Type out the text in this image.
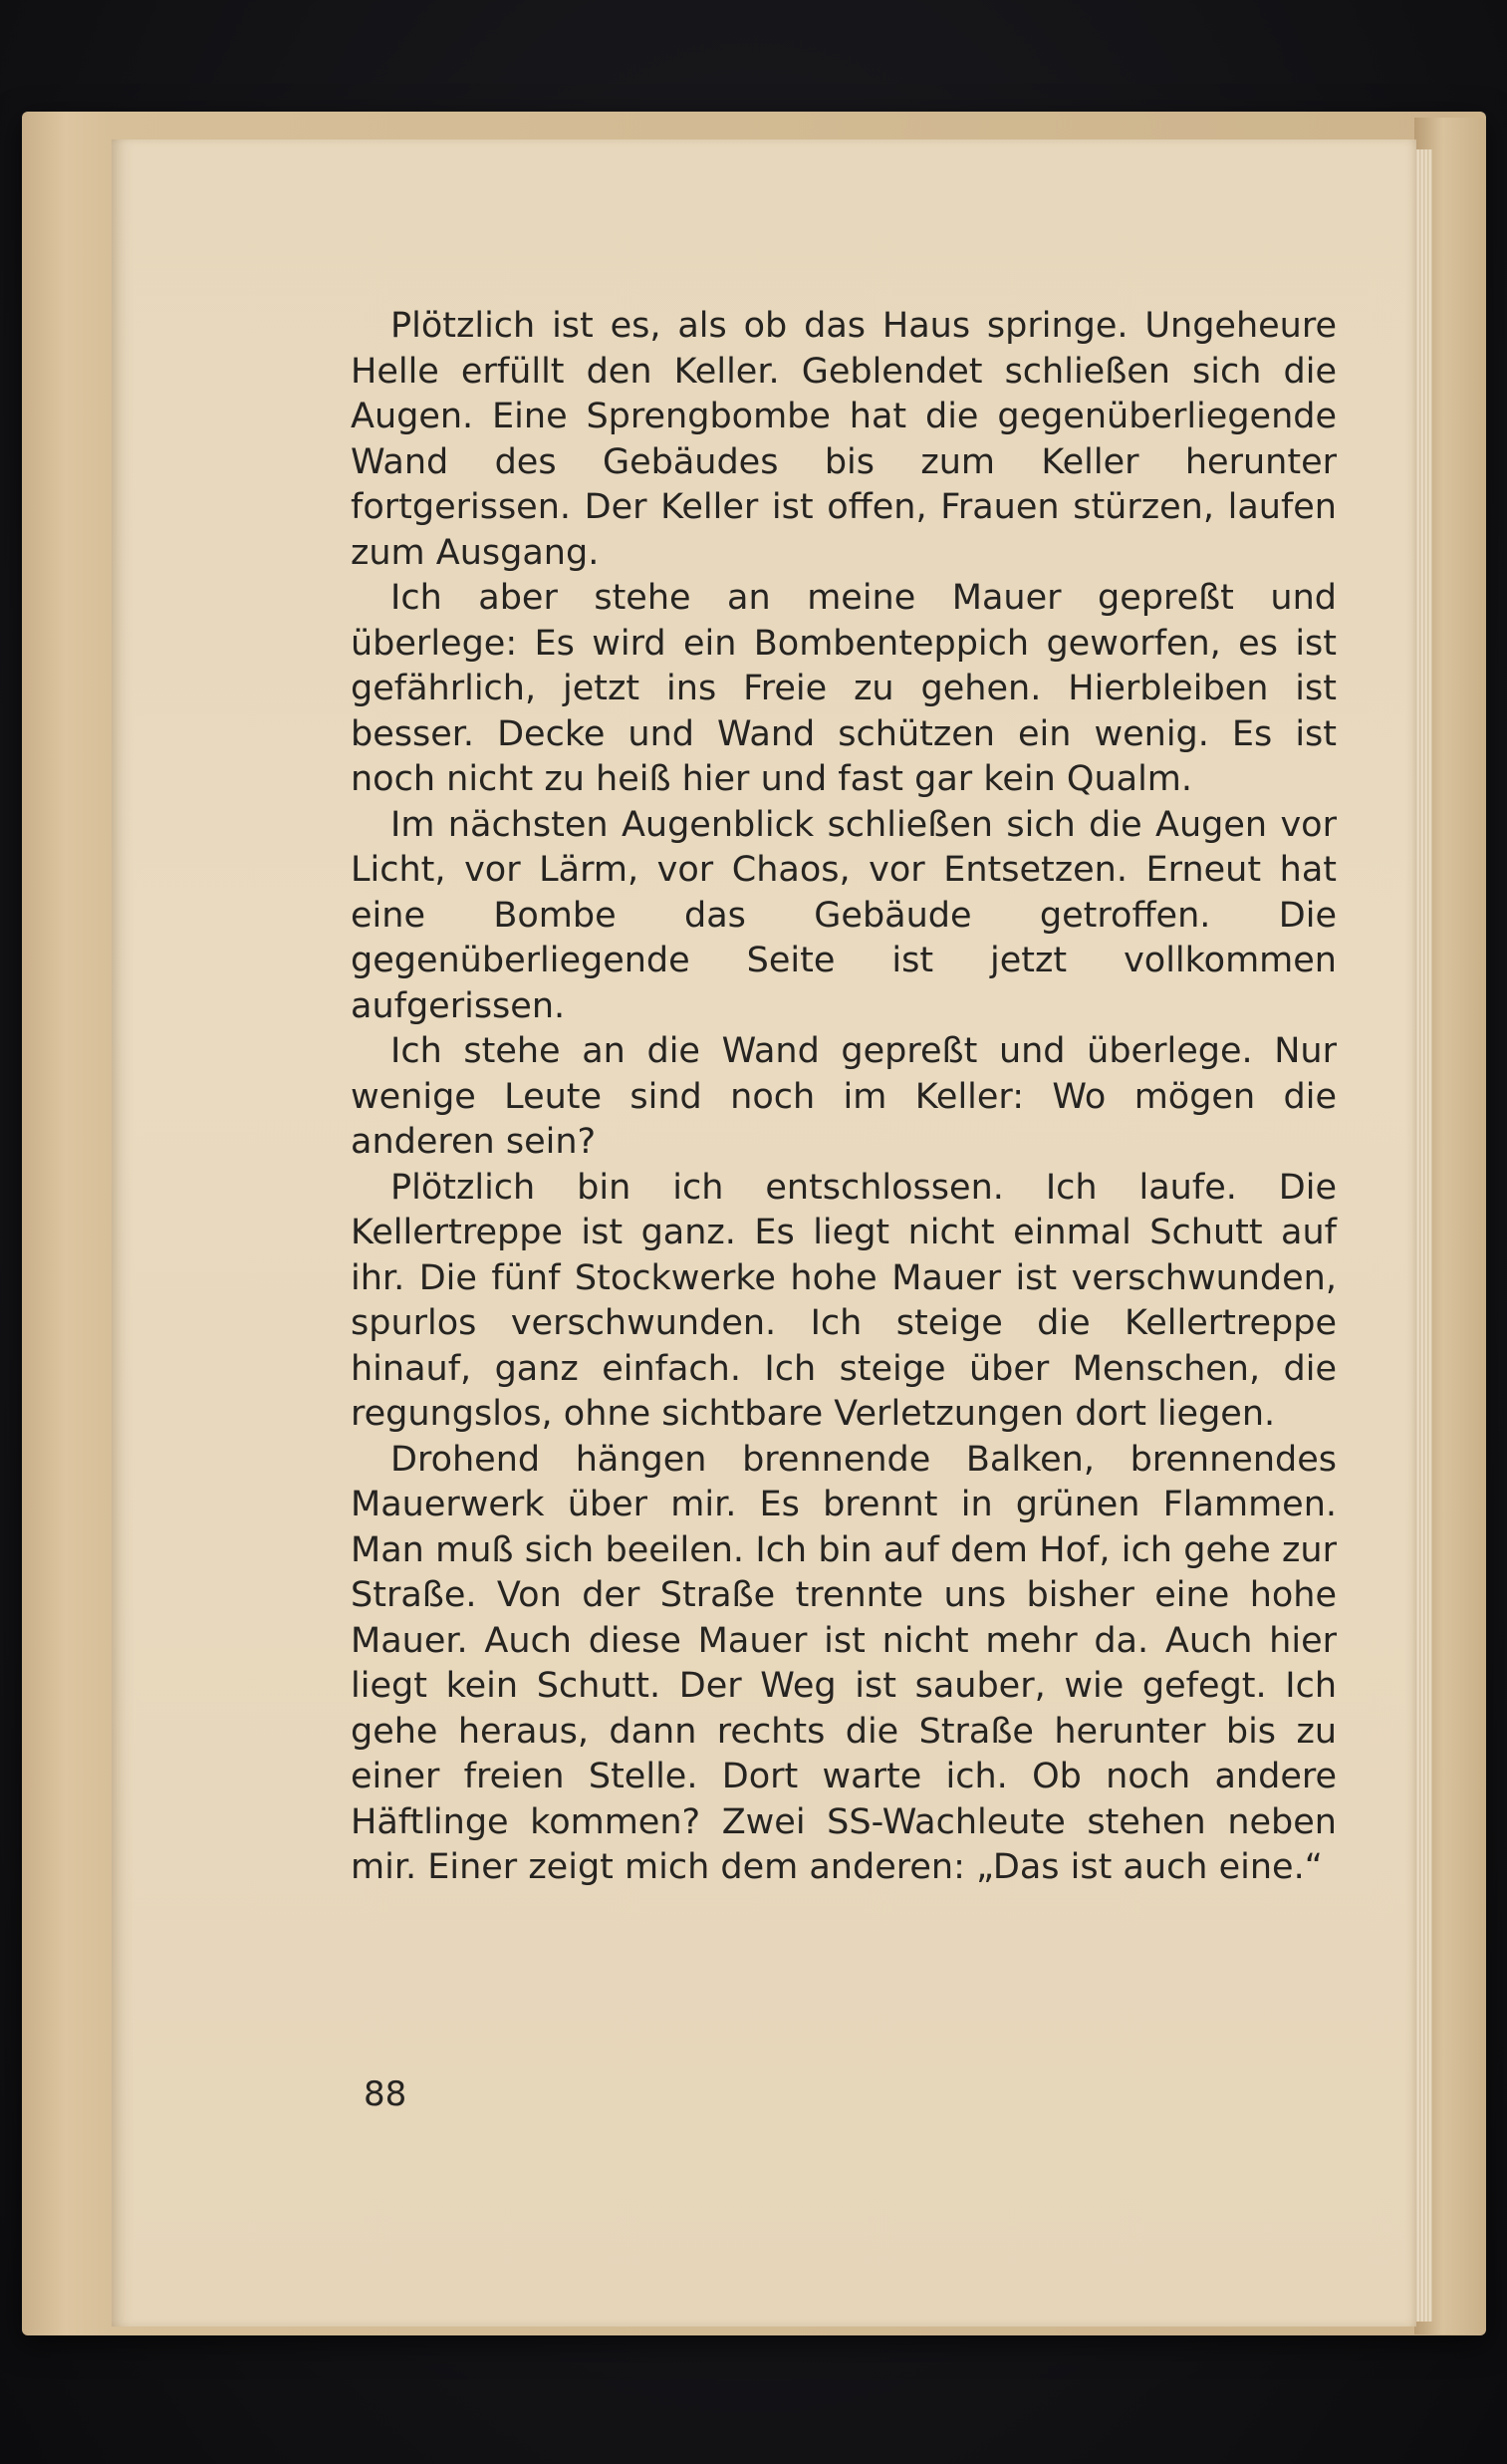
Plötzlich ist es, als ob das Haus springe. Ungeheure Helle erfüllt den Keller. Geblendet schließen sich die Augen. Eine Sprengbombe hat die gegenüberliegende Wand des Gebäudes bis zum Keller herunter fortgerissen. Der Keller ist offen, Frauen stürzen, laufen zum Ausgang.

Ich aber stehe an meine Mauer gepreßt und überlege: Es wird ein Bombenteppich geworfen, es ist gefährlich, jetzt ins Freie zu gehen. Hierbleiben ist besser. Decke und Wand schützen ein wenig. Es ist noch nicht zu heiß hier und fast gar kein Qualm.

Im nächsten Augenblick schließen sich die Augen vor Licht, vor Lärm, vor Chaos, vor Entsetzen. Erneut hat eine Bombe das Gebäude getroffen. Die gegenüberliegende Seite ist jetzt vollkommen aufgerissen.

Ich stehe an die Wand gepreßt und überlege. Nur wenige Leute sind noch im Keller: Wo mögen die anderen sein?

Plötzlich bin ich entschlossen. Ich laufe. Die Kellertreppe ist ganz. Es liegt nicht einmal Schutt auf ihr. Die fünf Stockwerke hohe Mauer ist verschwunden, spurlos verschwunden. Ich steige die Kellertreppe hinauf, ganz einfach. Ich steige über Menschen, die regungslos, ohne sichtbare Verletzungen dort liegen.

Drohend hängen brennende Balken, brennendes Mauerwerk über mir. Es brennt in grünen Flammen. Man muß sich beeilen. Ich bin auf dem Hof, ich gehe zur Straße. Von der Straße trennte uns bisher eine hohe Mauer. Auch diese Mauer ist nicht mehr da. Auch hier liegt kein Schutt. Der Weg ist sauber, wie gefegt. Ich gehe heraus, dann rechts die Straße herunter bis zu einer freien Stelle. Dort warte ich. Ob noch andere Häftlinge kommen? Zwei SS-Wachleute stehen neben mir. Einer zeigt mich dem anderen: „Das ist auch eine.“

88
